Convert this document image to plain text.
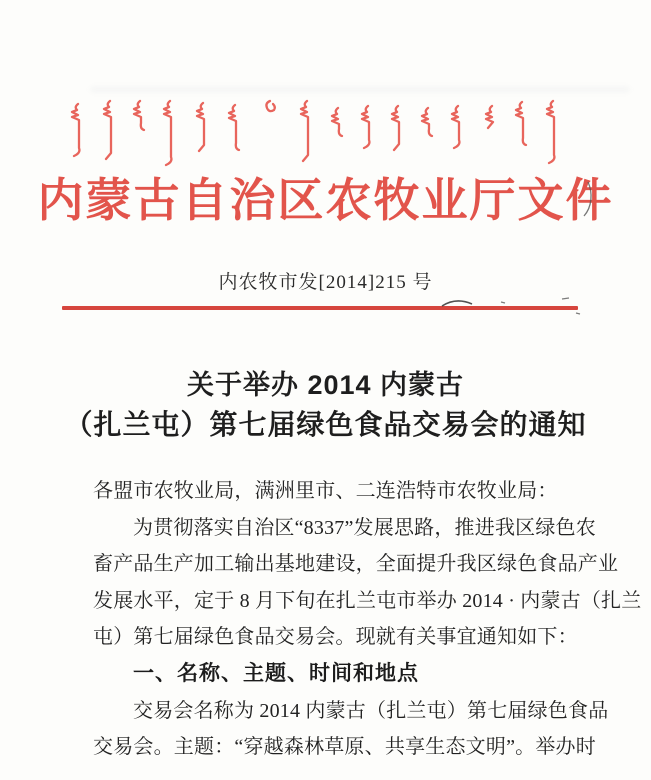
内蒙古自治区农牧业厅文件
内农牧市发[2014]215 号
关于举办 2014 内蒙古
（扎兰屯）第七届绿色食品交易会的通知
各盟市农牧业局，满洲里市、二连浩特市农牧业局：
为贯彻落实自治区“8337”发展思路，推进我区绿色农
畜产品生产加工输出基地建设，全面提升我区绿色食品产业
发展水平，定于 8 月下旬在扎兰屯市举办 2014 · 内蒙古（扎兰
屯）第七届绿色食品交易会。现就有关事宜通知如下：
一、名称、主题、时间和地点
交易会名称为 2014 内蒙古（扎兰屯）第七届绿色食品
交易会。主题：“穿越森林草原、共享生态文明”。举办时
